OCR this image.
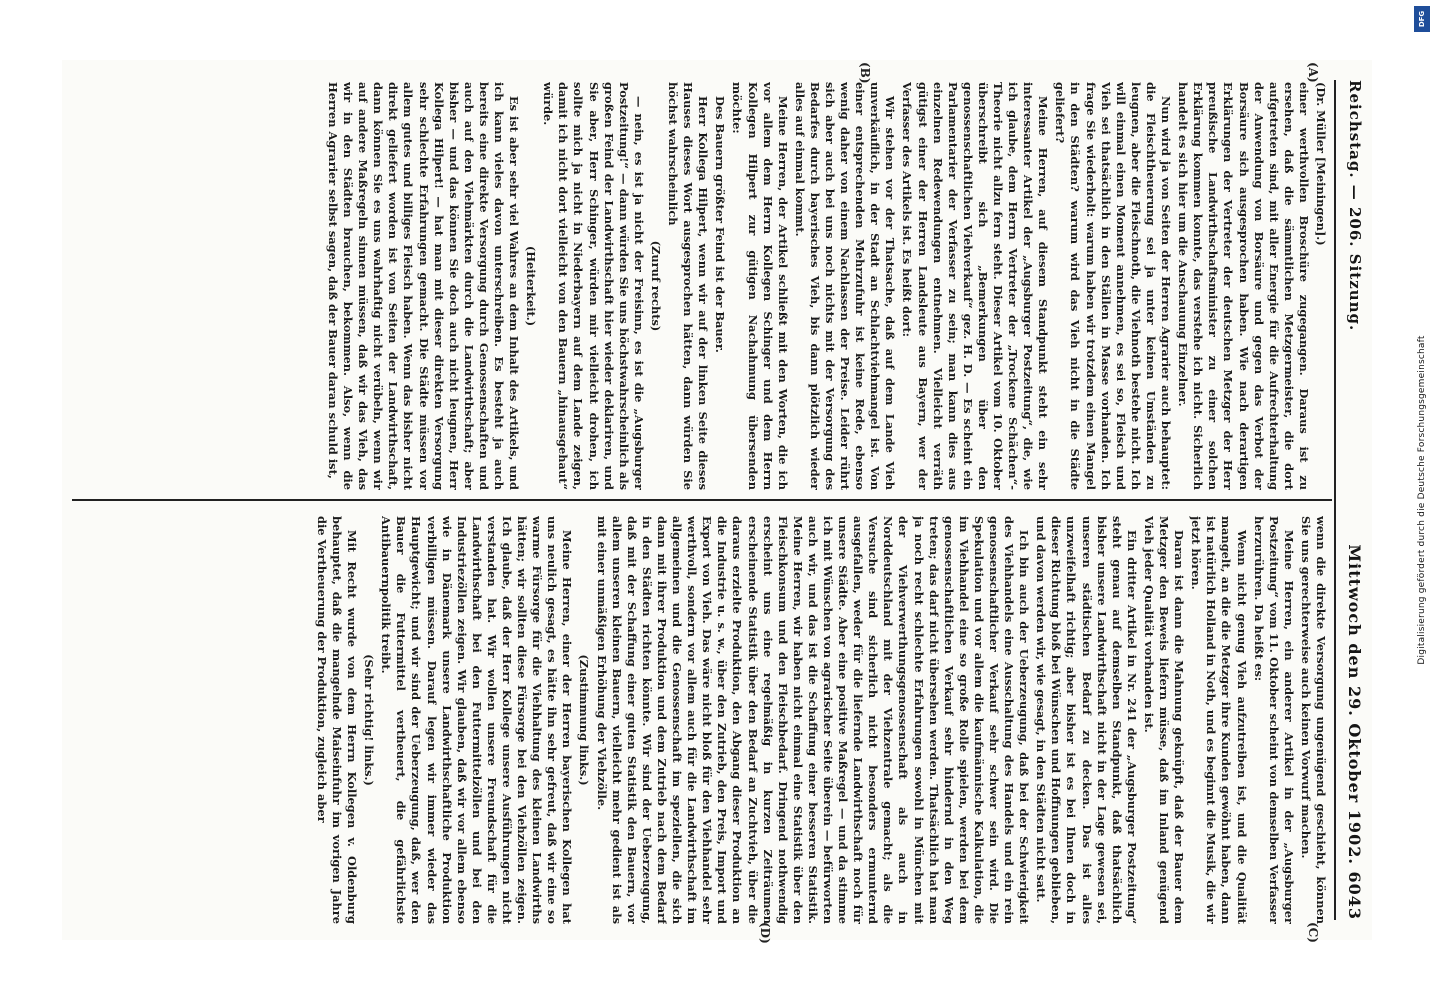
Reichstag. — 206. Sitzung.
Mittwoch den 29. Oktober 1902. 6043
(A)
(B)
(C)
(D)

(Dr. Müller [Meiningen].)

einer werthvollen Broschüre zugegangen. Daraus ist zu ersehen, daß die sämmtlichen Metzgermeister, die dort aufgetreten sind, mit aller Energie für die Aufrechterhaltung der Anwendung von Borsäure und gegen das Verbot der Borsäure sich ausgesprochen haben. Wie nach derartigen Erklärungen der Vertreter der deutschen Metzger der Herr preußische Landwirthschaftsminister zu einer solchen Erklärung kommen konnte, das verstehe ich nicht. Sicherlich handelt es sich hier um die Anschauung Einzelner.

Nun wird ja von Seiten der Herren Agrarier auch behauptet: die Fleischtheuerung sei ja unter keinen Umständen zu leugnen, aber die Fleischnoth, die Viehnoth bestehe nicht. Ich will einmal einen Moment annehmen, es sei so, Fleisch und Vieh sei thatsächlich in den Ställen in Masse vorhanden. Ich frage Sie wiederholt: warum haben wir trotzdem einen Mangel in den Städten? warum wird das Vieh nicht in die Städte geliefert?

Meine Herren, auf diesem Standpunkt steht ein sehr interessanter Artikel der „Augsburger Postzeitung“, die, wie ich glaube, dem Herrn Vertreter der „Trockene Schächen“-Theorie nicht allzu fern steht. Dieser Artikel vom 10. Oktober überschreibt sich „Bemerkungen über den genossenschaftlichen Viehverkauf“ gez. H. D. — Es scheint ein Parlamentarier der Verfasser zu sein; man kann dies aus einzelnen Redewendungen entnehmen. Vielleicht verräth gütigst einer der Herren Landsleute aus Bayern, wer der Verfasser des Artikels ist. Es heißt dort:

Wir stehen vor der Thatsache, daß auf dem Lande Vieh unverkäuflich, in der Stadt an Schlachtviehmangel ist. Von einer entsprechenden Mehrzufuhr ist keine Rede, ebenso wenig daher von einem Nachlassen der Preise. Leider rührt sich aber auch bei uns noch nichts mit der Versorgung des Bedarfes durch bayerisches Vieh, bis dann plötzlich wieder alles auf einmal kommt.

Meine Herren, der Artikel schließt mit den Worten, die ich vor allem dem Herrn Kollegen Schinger und dem Herrn Kollegen Hilpert zur gütigen Nachahmung übersenden möchte:

Des Bauern größter Feind ist der Bauer.

Herr Kollega Hilpert, wenn wir auf der linken Seite dieses Hauses dieses Wort ausgesprochen hätten, dann würden Sie höchst wahrscheinlich

(Zuruf rechts)

— nein, es ist ja nicht der Freisinn, es ist die „Augsburger Postzeitung!“ — dann würden Sie uns höchstwahrscheinlich als großen Feind der Landwirthschaft hier wieder deklariren, und Sie aber, Herr Schinger, würden mir vielleicht drohen, ich sollte mich ja nicht in Niederbayern auf dem Lande zeigen, damit ich nicht dort vielleicht von den Bauern „hinausgehaut“ würde.

(Heiterkeit.)

Es ist aber sehr viel Wahres an dem Inhalt des Artikels, und ich kann vieles davon unterschreiben. Es besteht ja auch bereits eine direkte Versorgung durch Genossenschaften und auch auf den Viehmärkten durch die Landwirthschaft; aber bisher — und das können Sie doch auch nicht leugnen, Herr Kollega Hilpert! — hat man mit dieser direkten Versorgung sehr schlechte Erfahrungen gemacht. Die Städte müssen vor allem gutes und billiges Fleisch haben. Wenn das bisher nicht direkt geliefert worden ist von Seiten der Landwirthschaft, dann können Sie es uns wahrhaftig nicht verübeln, wenn wir auf andere Maßregeln sinnen müssen, daß wir das Vieh, das wir in den Städten brauchen, bekommen. Also, wenn die Herren Agrarier selbst sagen, daß der Bauer daran schuld ist,

wenn die direkte Versorgung ungenügend geschieht, können Sie uns gerechterweise auch keinen Vorwurf machen.

Meine Herren, ein anderer Artikel in der „Augsburger Postzeitung“ vom 11. Oktober scheint von demselben Verfasser herzurühren. Da heißt es:

Wenn nicht genug Vieh aufzutreiben ist, und die Qualität mangelt, an die die Metzger ihre Kunden gewöhnt haben, dann ist natürlich Holland in Noth, und es beginnt die Musik, die wir jetzt hören.

Daran ist dann die Mahnung geknüpft, daß der Bauer dem Metzger den Beweis liefern müsse, daß im Inland genügend Vieh jeder Qualität vorhanden ist.

Ein dritter Artikel in Nr. 241 der „Augsburger Postzeitung“ steht genau auf demselben Standpunkt, daß thatsächlich bisher unsere Landwirthschaft nicht in der Lage gewesen sei, unseren städtischen Bedarf zu decken. Das ist alles unzweifelhaft richtig; aber bisher ist es bei Ihnen doch in dieser Richtung bloß bei Wünschen und Hoffnungen geblieben, und davon werden wir, wie gesagt, in den Städten nicht satt.

Ich bin auch der Ueberzeugung, daß bei der Schwierigkeit des Viehhandels eine Ausschaltung des Handels und ein rein genossenschaftlicher Verkauf sehr schwer sein wird. Die Spekulation und vor allem die kaufmännische Kalkulation, die im Viehhandel eine so große Rolle spielen, werden bei dem genossenschaftlichen Verkauf sehr hindernd in den Weg treten; das darf nicht übersehen werden. Thatsächlich hat man ja noch recht schlechte Erfahrungen sowohl in München mit der Viehverwerthungsgenossenschaft als auch in Norddeutschland mit der Viehzentrale gemacht; als die Versuche sind sicherlich nicht besonders ermunternd ausgefallen, weder für die liefernde Landwirthschaft noch für unsere Städte. Aber eine positive Maßregel — und da stimme ich mit Wünschen von agrarischer Seite überein — befürworten auch wir, und das ist die Schaffung einer besseren Statistik. Meine Herren, wir haben nicht einmal eine Statistik über den Fleischkonsum und den Fleischbedarf. Dringend nothwendig erscheint uns eine regelmäßig in kurzen Zeiträumen erscheinende Statistik über den Bedarf an Zuchtvieh, über die daraus erzielte Produktion, den Abgang dieser Produktion an die Industrie u. s. w., über den Zutrieb, den Preis, Import und Export von Vieh. Das wäre nicht bloß für den Viehhandel sehr werthvoll, sondern vor allem auch für die Landwirthschaft im allgemeinen und die Genossenschaft im speziellen, die sich dann mit ihrer Produktion und dem Zutrieb nach dem Bedarf in den Städten richten könnte. Wir sind der Ueberzeugung, daß mit der Schaffung einer guten Statistik den Bauern, vor allem unseren kleinen Bauern, vielleicht mehr gedient ist als mit einer unmäßigen Erhöhung der Viehzölle.

(Zustimmung links.)

Meine Herren, einer der Herren bayerischen Kollegen hat uns neulich gesagt, es hätte ihn sehr gefreut, daß wir eine so warme Fürsorge für die Viehhaltung des kleinen Landwirths hätten; wir sollten diese Fürsorge bei den Viehzöllen zeigen. Ich glaube, daß der Herr Kollege unsere Ausführungen nicht verstanden hat. Wir wollen unsere Freundschaft für die Landwirthschaft bei den Futtermittelzöllen und bei den Industriezöllen zeigen. Wir glauben, daß wir vor allem ebenso wie in Dänemark unsere Landwirthschaftliche Produktion verbilligen müssen. Darauf legen wir immer wieder das Hauptgewicht; und wir sind der Ueberzeugung, daß, wer den Bauer die Futtermittel vertheuert, die gefährlichste Antibauernpolitik treibt.

(Sehr richtig! links.)

Mit Recht wurde von dem Herrn Kollegen v. Oldenburg behauptet, daß die mangelnde Maiseinfuhr im vorigen Jahre die Vertheuerung der Produktion, zugleich aber

DFG
Digitalisierung gefördert durch die Deutsche Forschungsgemeinschaft
